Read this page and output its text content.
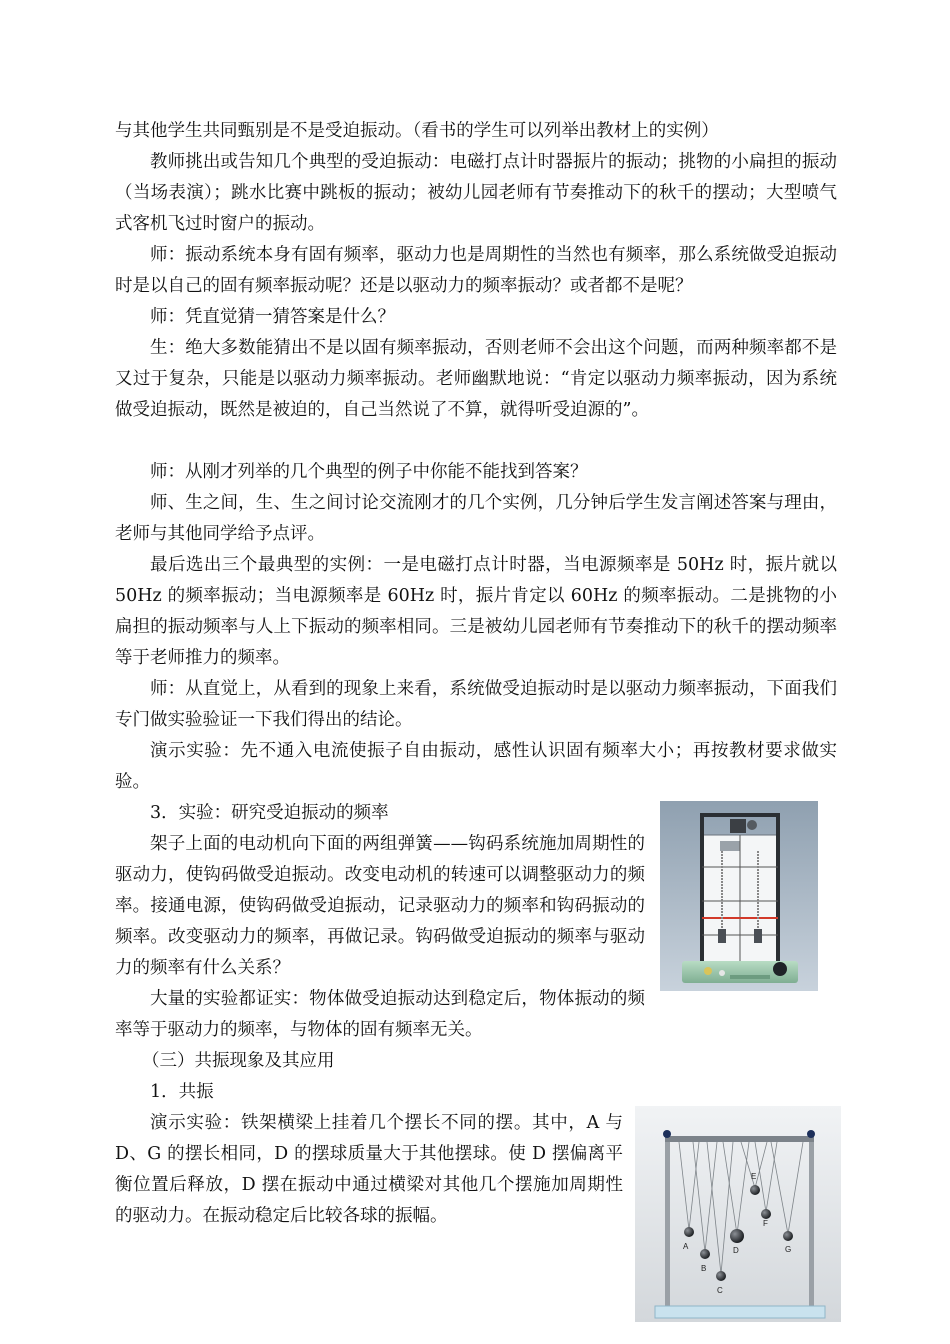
与其他学生共同甄别是不是受迫振动。（看书的学生可以列举出教材上的实例）

教师挑出或告知几个典型的受迫振动：电磁打点计时器振片的振动；挑物的小扁担的振动（当场表演）；跳水比赛中跳板的振动；被幼儿园老师有节奏推动下的秋千的摆动；大型喷气式客机飞过时窗户的振动。

师：振动系统本身有固有频率，驱动力也是周期性的当然也有频率，那么系统做受迫振动时是以自己的固有频率振动呢？还是以驱动力的频率振动？或者都不是呢？

师：凭直觉猜一猜答案是什么？

生：绝大多数能猜出不是以固有频率振动，否则老师不会出这个问题，而两种频率都不是又过于复杂，只能是以驱动力频率振动。老师幽默地说：“肯定以驱动力频率振动，因为系统做受迫振动，既然是被迫的，自己当然说了不算，就得听受迫源的”。

师：从刚才列举的几个典型的例子中你能不能找到答案？

师、生之间，生、生之间讨论交流刚才的几个实例，几分钟后学生发言阐述答案与理由，老师与其他同学给予点评。

最后选出三个最典型的实例：一是电磁打点计时器，当电源频率是 50Hz 时，振片就以 50Hz 的频率振动；当电源频率是 60Hz 时，振片肯定以 60Hz 的频率振动。二是挑物的小扁担的振动频率与人上下振动的频率相同。三是被幼儿园老师有节奏推动下的秋千的摆动频率等于老师推力的频率。

师：从直觉上，从看到的现象上来看，系统做受迫振动时是以驱动力频率振动，下面我们专门做实验验证一下我们得出的结论。

演示实验：先不通入电流使振子自由振动，感性认识固有频率大小；再按教材要求做实验。

3．实验：研究受迫振动的频率

架子上面的电动机向下面的两组弹簧——钩码系统施加周期性的驱动力，使钩码做受迫振动。改变电动机的转速可以调整驱动力的频率。接通电源，使钩码做受迫振动，记录驱动力的频率和钩码振动的频率。改变驱动力的频率，再做记录。钩码做受迫振动的频率与驱动力的频率有什么关系？

大量的实验都证实：物体做受迫振动达到稳定后，物体振动的频率等于驱动力的频率，与物体的固有频率无关。

（三）共振现象及其应用

1．共振

演示实验：铁架横梁上挂着几个摆长不同的摆。其中，A 与 D、G 的摆长相同，D 的摆球质量大于其他摆球。使 D 摆偏离平衡位置后释放，D 摆在振动中通过横梁对其他几个摆施加周期性的驱动力。在振动稳定后比较各球的振幅。

A
B
C
D
E
F
G
